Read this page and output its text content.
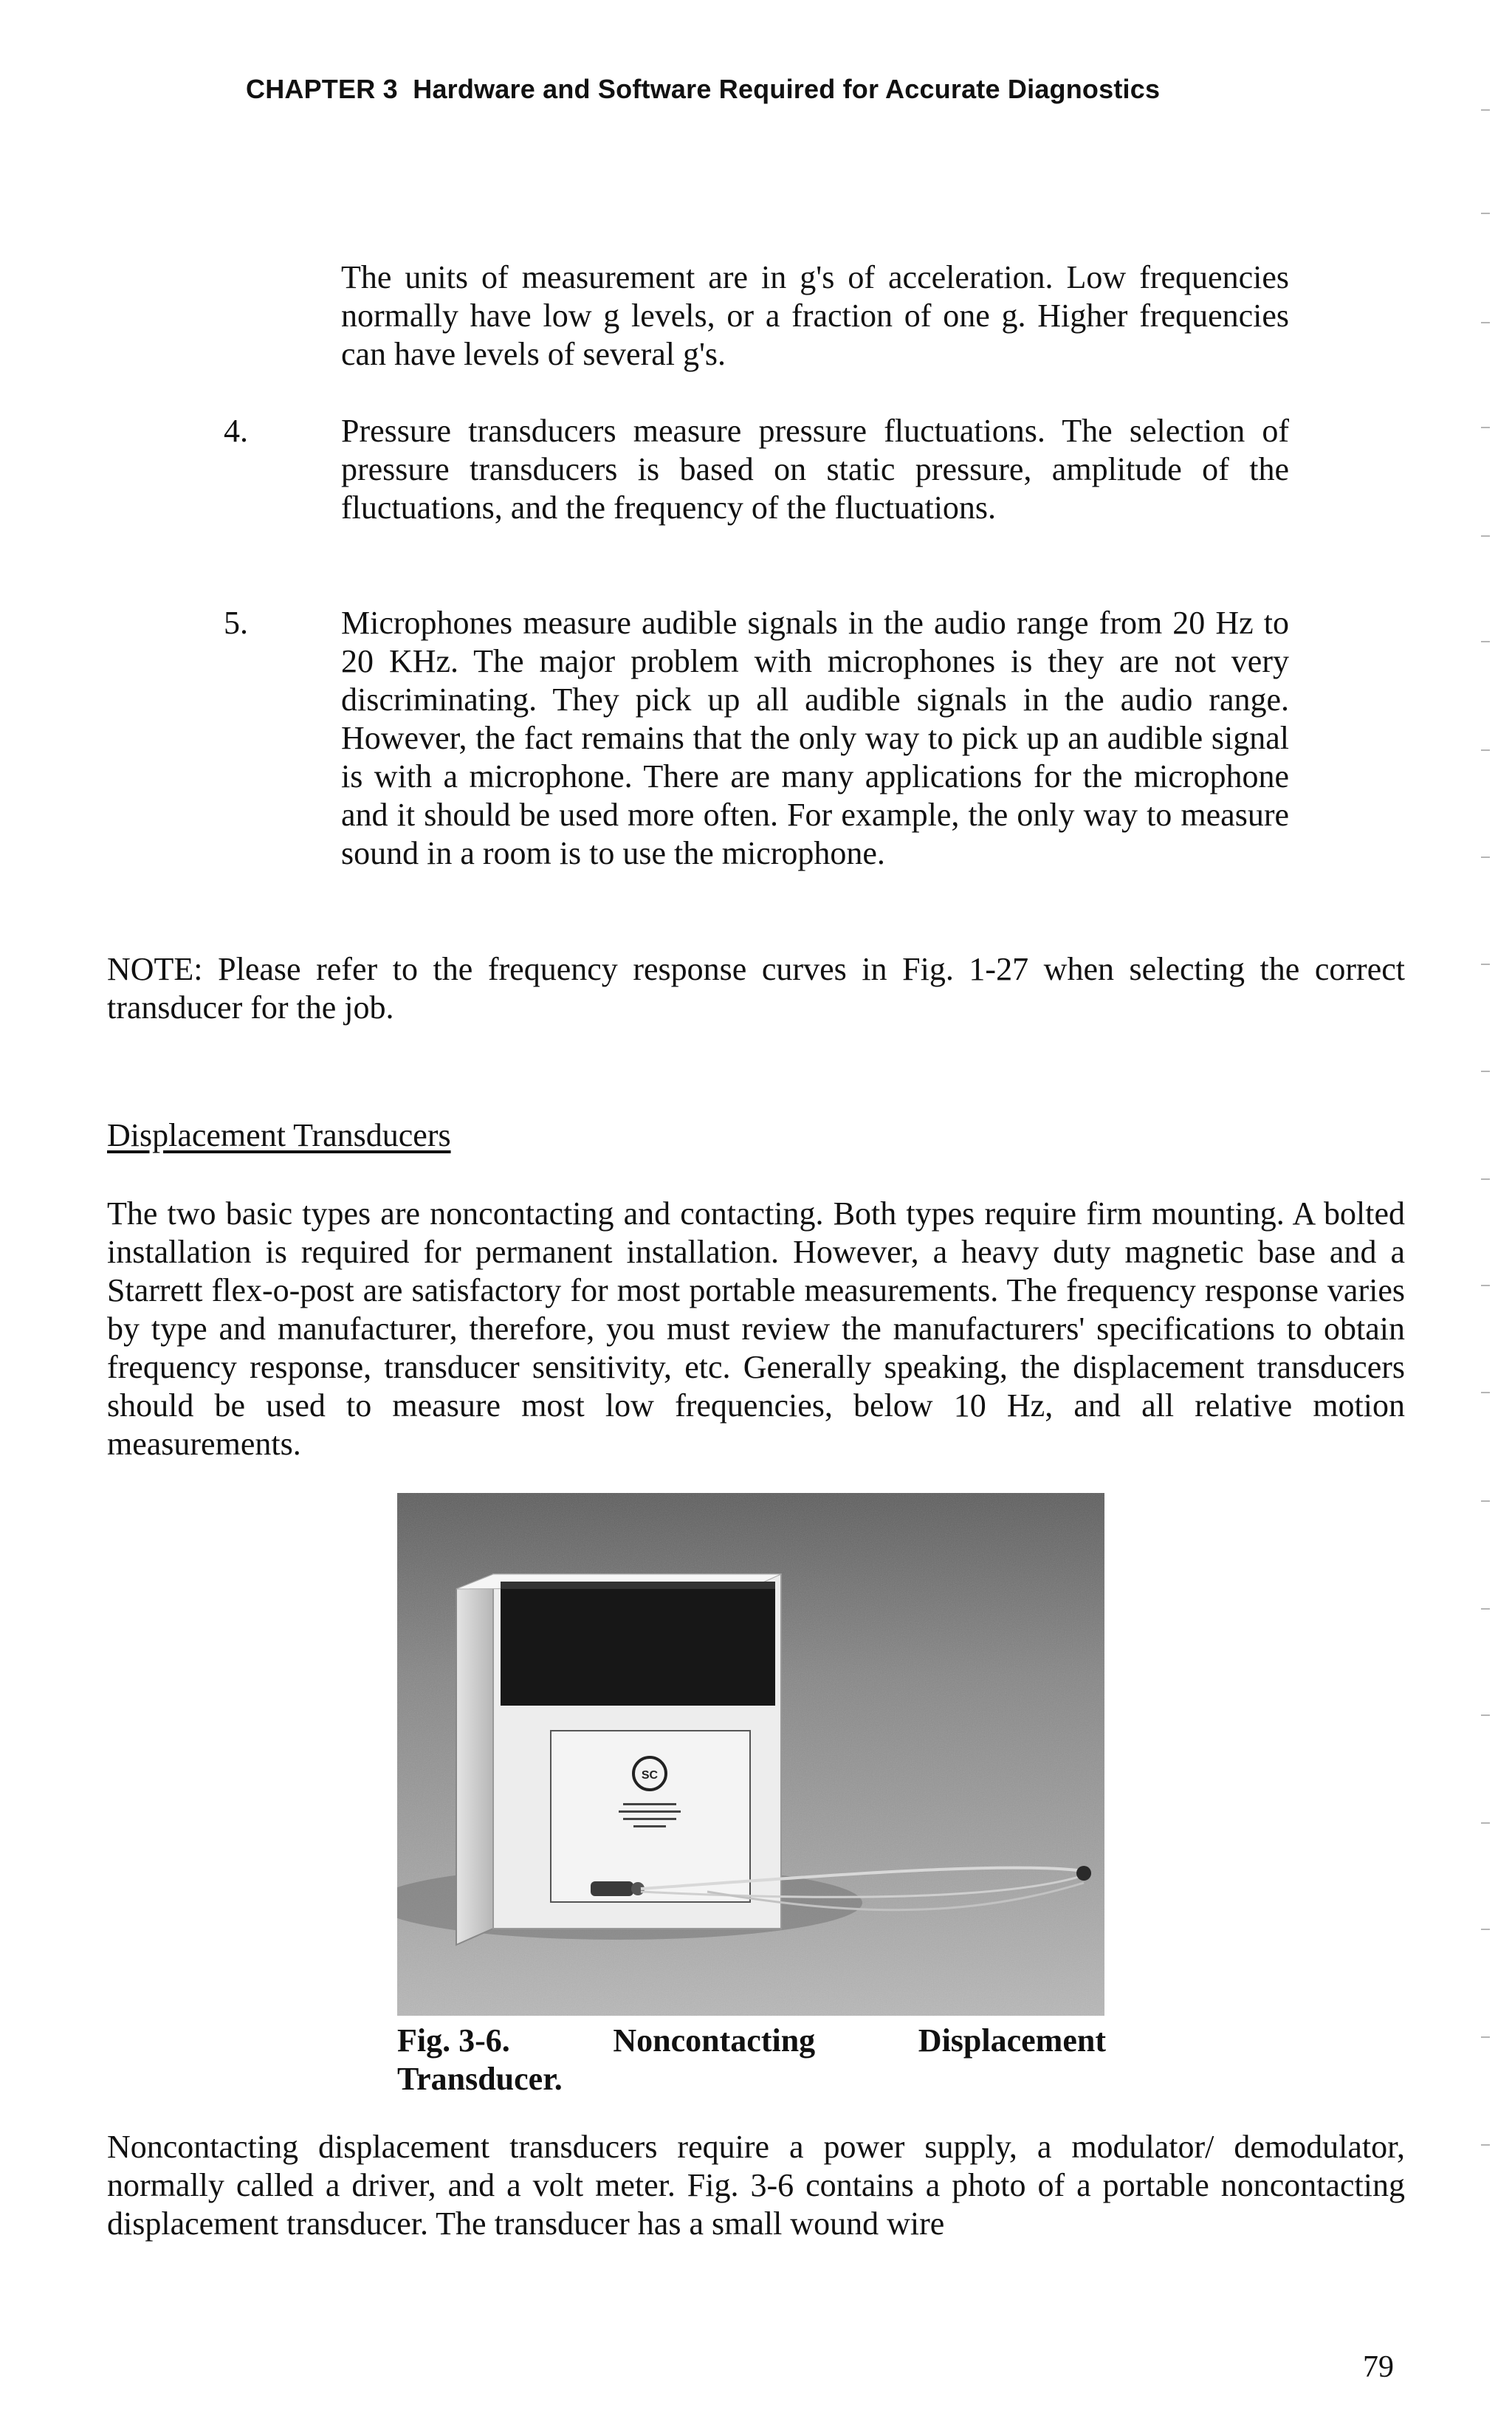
CHAPTER 3 Hardware and Software Required for Accurate Diagnostics
The units of measurement are in g's of acceleration. Low frequencies normally have low g levels, or a fraction of one g. Higher frequencies can have levels of several g's.
4.	Pressure transducers measure pressure fluctuations. The selection of pressure transducers is based on static pressure, amplitude of the fluctuations, and the frequency of the fluctuations.
5.	Microphones measure audible signals in the audio range from 20 Hz to 20 KHz. The major problem with microphones is they are not very discriminating. They pick up all audible signals in the audio range. However, the fact remains that the only way to pick up an audible signal is with a microphone. There are many applications for the microphone and it should be used more often. For example, the only way to measure sound in a room is to use the microphone.
NOTE: Please refer to the frequency response curves in Fig. 1-27 when selecting the correct transducer for the job.
Displacement Transducers
The two basic types are noncontacting and contacting. Both types require firm mounting. A bolted installation is required for permanent installation. However, a heavy duty magnetic base and a Starrett flex-o-post are satisfactory for most portable measurements. The frequency response varies by type and manufacturer, therefore, you must review the manufacturers' specifications to obtain frequency response, transducer sensitivity, etc. Generally speaking, the displacement transducers should be used to measure most low frequencies, below 10 Hz, and all relative motion measurements.
SC
Fig. 3-6.	Noncontacting	Displacement
Transducer.
Noncontacting displacement transducers require a power supply, a modulator/ demodulator, normally called a driver, and a volt meter. Fig. 3-6 contains a photo of a portable noncontacting displacement transducer. The transducer has a small wound wire
79
